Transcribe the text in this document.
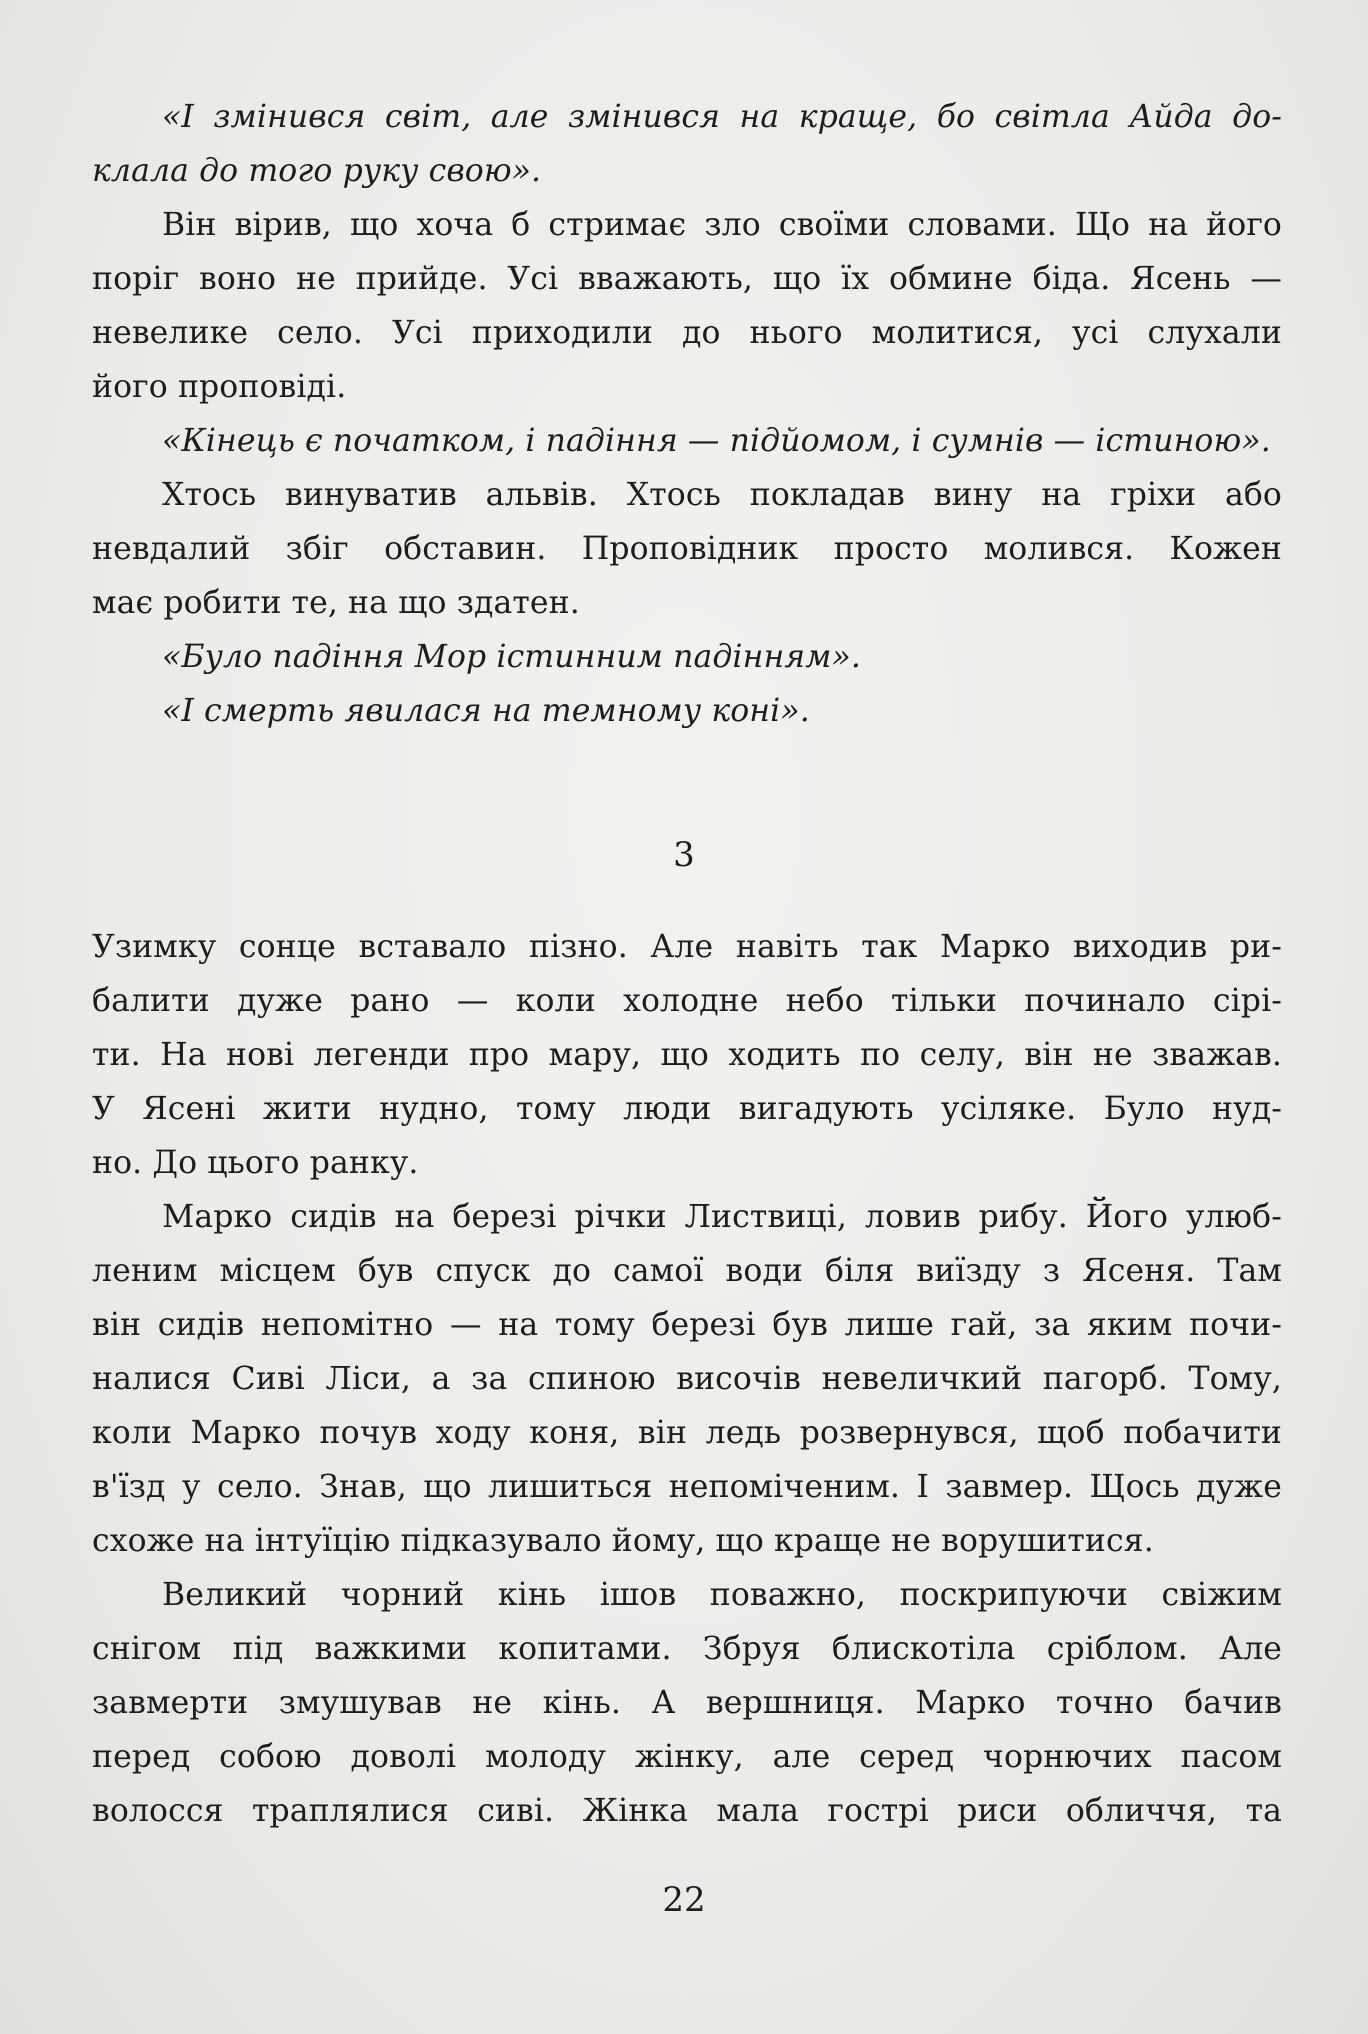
«І змінився світ, але змінився на краще, бо світла Айда до-
клала до того руку свою».
Він вірив, що хоча б стримає зло своїми словами. Що на його
поріг воно не прийде. Усі вважають, що їх обмине біда. Ясень —
невелике село. Усі приходили до нього молитися, усі слухали
його проповіді.
«Кінець є початком, і падіння — підйомом, і сумнів — істиною».
Хтось винуватив альвів. Хтось покладав вину на гріхи або
невдалий збіг обставин. Проповідник просто молився. Кожен
має робити те, на що здатен.
«Було падіння Мор істинним падінням».
«І смерть явилася на темному коні».
3
Узимку сонце вставало пізно. Але навіть так Марко виходив ри-
балити дуже рано — коли холодне небо тільки починало сірі-
ти. На нові легенди про мару, що ходить по селу, він не зважав.
У Ясені жити нудно, тому люди вигадують усіляке. Було нуд-
но. До цього ранку.
Марко сидів на березі річки Листвиці, ловив рибу. Його улюб-
леним місцем був спуск до самої води біля виїзду з Ясеня. Там
він сидів непомітно — на тому березі був лише гай, за яким почи-
налися Сиві Ліси, а за спиною височів невеличкий пагорб. Тому,
коли Марко почув ходу коня, він ледь розвернувся, щоб побачити
в'їзд у село. Знав, що лишиться непоміченим. І завмер. Щось дуже
схоже на інтуїцію підказувало йому, що краще не ворушитися.
Великий чорний кінь ішов поважно, поскрипуючи свіжим
снігом під важкими копитами. Збруя блискотіла сріблом. Але
завмерти змушував не кінь. А вершниця. Марко точно бачив
перед собою доволі молоду жінку, але серед чорнючих пасом
волосся траплялися сиві. Жінка мала гострі риси обличчя, та
22
